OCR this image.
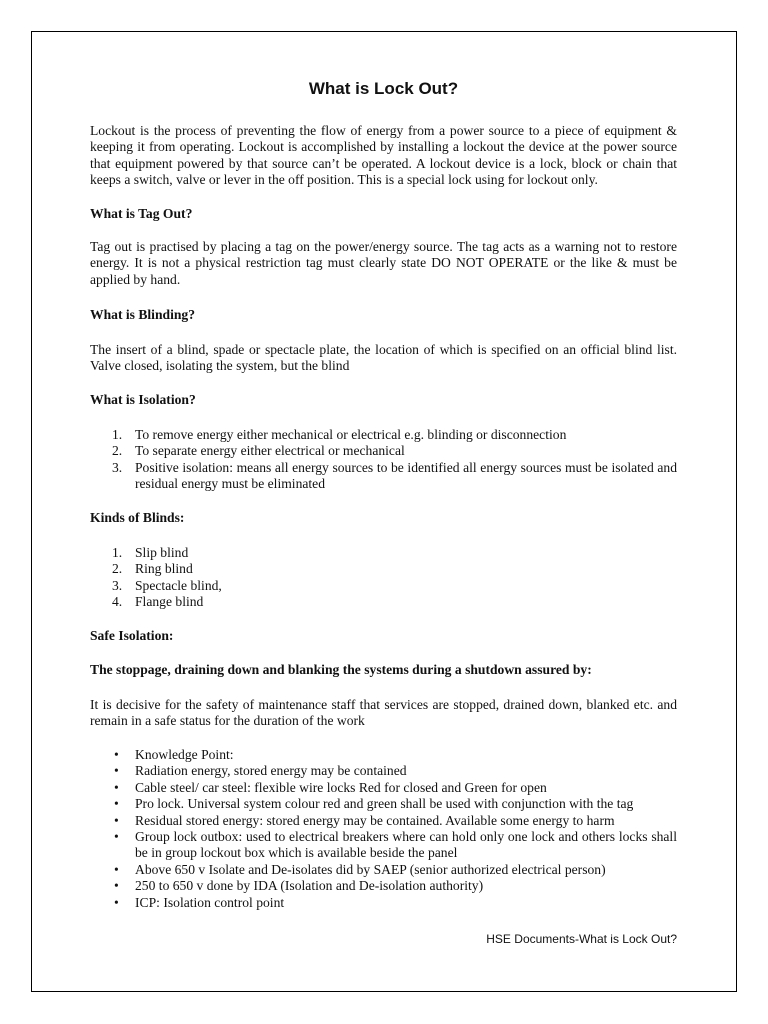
What is Lock Out?

Lockout is the process of preventing the flow of energy from a power source to a piece of equipment & keeping it from operating. Lockout is accomplished by installing a lockout the device at the power source that equipment powered by that source can’t be operated. A lockout device is a lock, block or chain that keeps a switch, valve or lever in the off position. This is a special lock using for lockout only.

What is Tag Out?

Tag out is practised by placing a tag on the power/energy source. The tag acts as a warning not to restore energy. It is not a physical restriction tag must clearly state DO NOT OPERATE or the like & must be applied by hand.

What is Blinding?

The insert of a blind, spade or spectacle plate, the location of which is specified on an official blind list. Valve closed, isolating the system, but the blind

What is Isolation?

1. To remove energy either mechanical or electrical e.g. blinding or disconnection
2. To separate energy either electrical or mechanical
3. Positive isolation: means all energy sources to be identified all energy sources must be isolated and residual energy must be eliminated

Kinds of Blinds:

1. Slip blind
2. Ring blind
3. Spectacle blind,
4. Flange blind

Safe Isolation:

The stoppage, draining down and blanking the systems during a shutdown assured by:

It is decisive for the safety of maintenance staff that services are stopped, drained down, blanked etc. and remain in a safe status for the duration of the work

• Knowledge Point:
• Radiation energy, stored energy may be contained
• Cable steel/ car steel: flexible wire locks Red for closed and Green for open
• Pro lock. Universal system colour red and green shall be used with conjunction with the tag
• Residual stored energy: stored energy may be contained. Available some energy to harm
• Group lock outbox: used to electrical breakers where can hold only one lock and others locks shall be in group lockout box which is available beside the panel
• Above 650 v Isolate and De-isolates did by SAEP (senior authorized electrical person)
• 250 to 650 v done by IDA (Isolation and De-isolation authority)
• ICP: Isolation control point
HSE Documents-What is Lock Out?
